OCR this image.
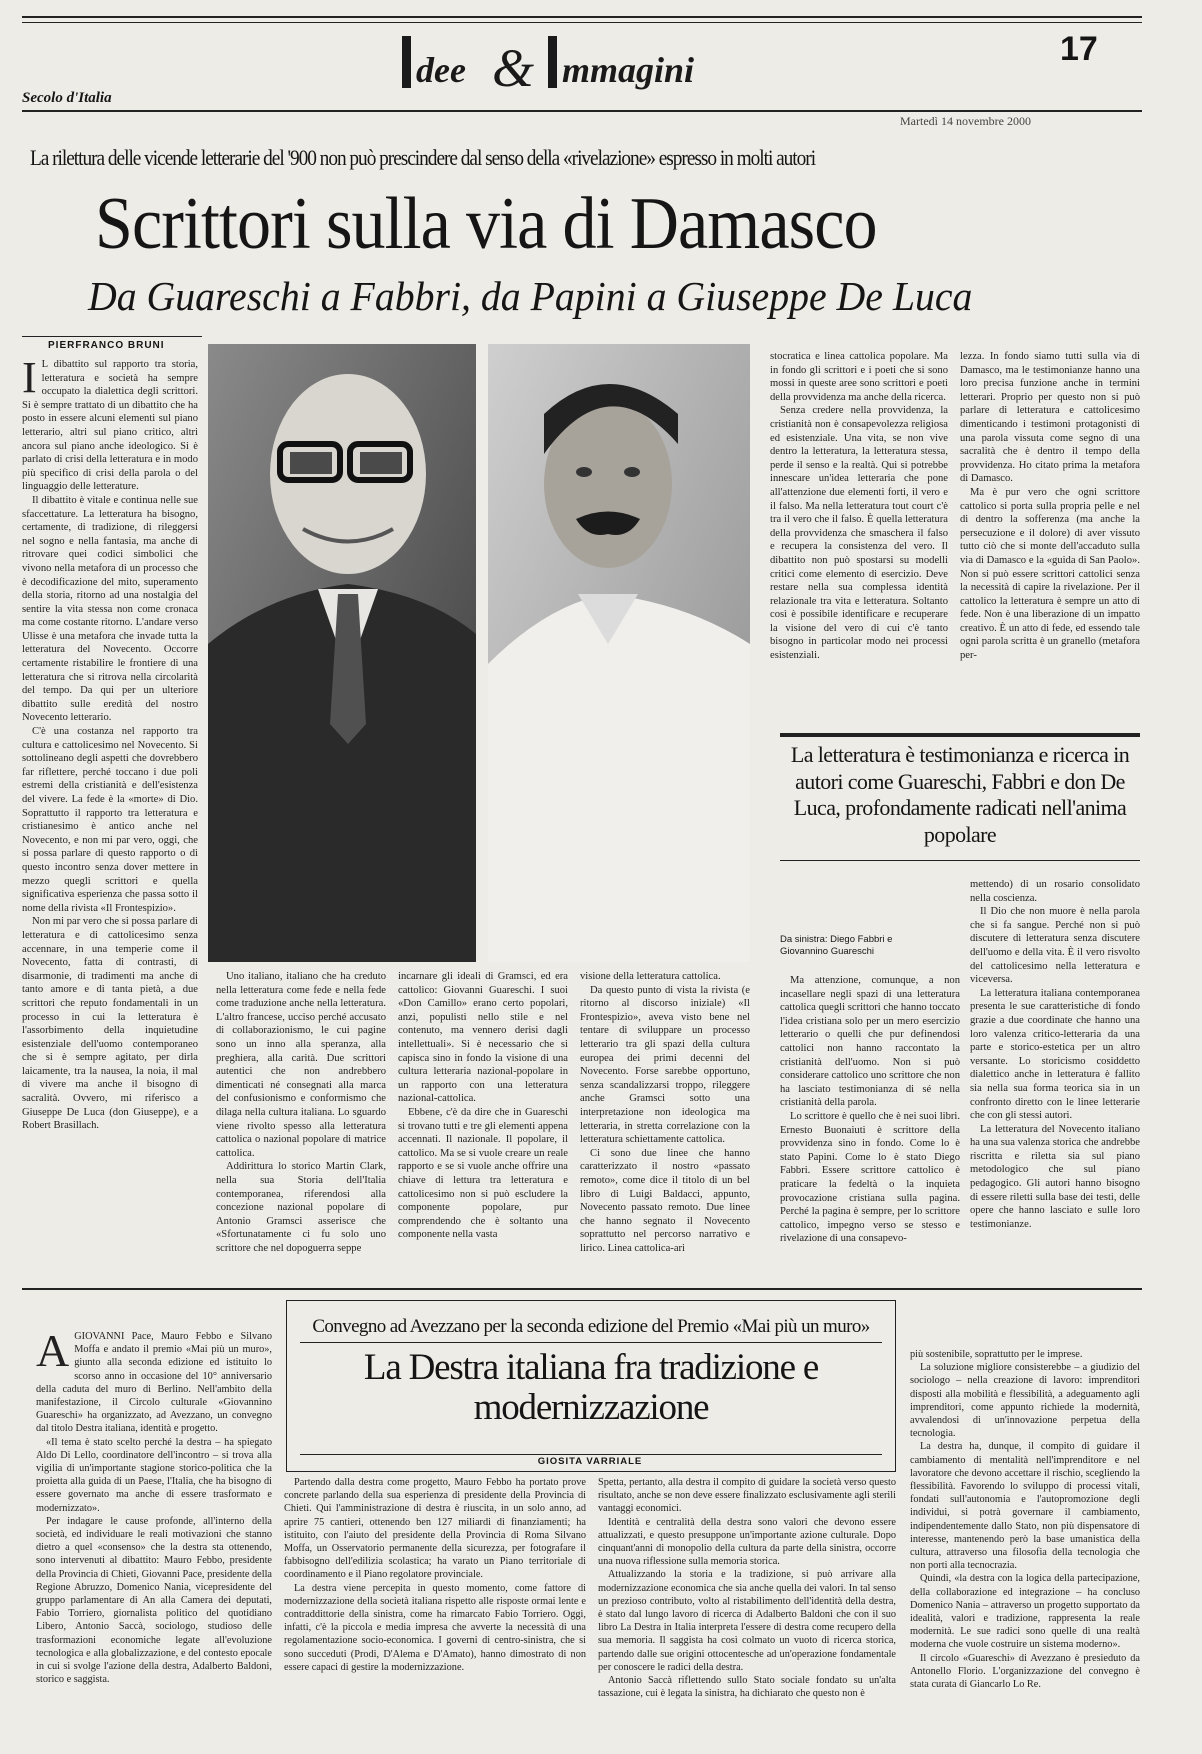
dee & mmagini
17
Secolo d'Italia
Martedì 14 novembre 2000
La rilettura delle vicende letterarie del '900 non può prescindere dal senso della «rivelazione» espresso in molti autori
Scrittori sulla via di Damasco
Da Guareschi a Fabbri, da Papini a Giuseppe De Luca
PIERFRANCO BRUNI
Da sinistra: Diego Fabbri e Giovannino Guareschi
La letteratura è testimonianza e ricerca in autori come Guareschi, Fabbri e don De Luca, profondamente radicati nell'anima popolare
I L dibattito sul rapporto tra storia, letteratura e società ha sempre occupato la dialettica degli scrittori. Si è sempre trattato di un dibattito che ha posto in essere alcuni elementi sul piano letterario, altri sul piano critico, altri ancora sul piano anche ideologico. Si è parlato di crisi della letteratura e in modo più specifico di crisi della parola o del linguaggio delle letterature.

Il dibattito è vitale e continua nelle sue sfaccettature. La letteratura ha bisogno, certamente, di tradizione, di rileggersi nel sogno e nella fantasia, ma anche di ritrovare quei codici simbolici che vivono nella metafora di un processo che è decodificazione del mito, superamento della storia, ritorno ad una nostalgia del sentire la vita stessa non come cronaca ma come costante ritorno. L'andare verso Ulisse è una metafora che invade tutta la letteratura del Novecento. Occorre certamente ristabilire le frontiere di una letteratura che si ritrova nella circolarità del tempo. Da qui per un ulteriore dibattito sulle eredità del nostro Novecento letterario.

C'è una costanza nel rapporto tra cultura e cattolicesimo nel Novecento. Si sottolineano degli aspetti che dovrebbero far riflettere, perché toccano i due poli estremi della cristianità e dell'esistenza del vivere. La fede è la «morte» di Dio. Soprattutto il rapporto tra letteratura e cristianesimo è antico anche nel Novecento, e non mi par vero, oggi, che si possa parlare di questo rapporto o di questo incontro senza dover mettere in mezzo quegli scrittori e quella significativa esperienza che passa sotto il nome della rivista «Il Frontespizio».

Non mi par vero che si possa parlare di letteratura e di cattolicesimo senza accennare, in una temperie come il Novecento, fatta di contrasti, di disarmonie, di tradimenti ma anche di tanto amore e di tanta pietà, a due scrittori che reputo fondamentali in un processo in cui la letteratura è l'assorbimento della inquietudine esistenziale dell'uomo contemporaneo che si è sempre agitato, per dirla laicamente, tra la nausea, la noia, il mal di vivere ma anche il bisogno di sacralità. Ovvero, mi riferisco a Giuseppe De Luca (don Giuseppe), e a Robert Brasillach.

Uno italiano, italiano che ha creduto nella letteratura come fede e nella fede come traduzione anche nella letteratura. L'altro francese, ucciso perché accusato di collaborazionismo, le cui pagine sono un inno alla speranza, alla preghiera, alla carità. Due scrittori autentici che non andrebbero dimenticati né consegnati alla marca del confusionismo e conformismo che dilaga nella cultura italiana. Lo sguardo viene rivolto spesso alla letteratura cattolica o nazional popolare di matrice cattolica.

Addirittura lo storico Martin Clark, nella sua Storia dell'Italia contemporanea, riferendosi alla concezione nazional popolare di Antonio Gramsci asserisce che «Sfortunatamente ci fu solo uno scrittore che nel dopoguerra seppe

incarnare gli ideali di Gramsci, ed era cattolico: Giovanni Guareschi. I suoi «Don Camillo» erano certo popolari, anzi, populisti nello stile e nel contenuto, ma vennero derisi dagli intellettuali». Si è necessario che si capisca sino in fondo la visione di una cultura letteraria nazional-popolare in un rapporto con una letteratura nazional-cattolica.

Ebbene, c'è da dire che in Guareschi si trovano tutti e tre gli elementi appena accennati. Il nazionale. Il popolare, il cattolico. Ma se si vuole creare un reale rapporto e se si vuole anche offrire una chiave di lettura tra letteratura e cattolicesimo non si può escludere la componente popolare, pur comprendendo che è soltanto una componente nella vasta

visione della letteratura cattolica.

Da questo punto di vista la rivista (e ritorno al discorso iniziale) «Il Frontespizio», aveva visto bene nel tentare di sviluppare un processo letterario tra gli spazi della cultura europea dei primi decenni del Novecento. Forse sarebbe opportuno, senza scandalizzarsi troppo, rileggere anche Gramsci sotto una interpretazione non ideologica ma letteraria, in stretta correlazione con la letteratura schiettamente cattolica.

Ci sono due linee che hanno caratterizzato il nostro «passato remoto», come dice il titolo di un bel libro di Luigi Baldacci, appunto, Novecento passato remoto. Due linee che hanno segnato il Novecento soprattutto nel percorso narrativo e lirico. Linea cattolica-ari

stocratica e linea cattolica popolare. Ma in fondo gli scrittori e i poeti che si sono mossi in queste aree sono scrittori e poeti della provvidenza ma anche della ricerca.

Senza credere nella provvidenza, la cristianità non è consapevolezza religiosa ed esistenziale. Una vita, se non vive dentro la letteratura, la letteratura stessa, perde il senso e la realtà. Qui si potrebbe innescare un'idea letteraria che pone all'attenzione due elementi forti, il vero e il falso. Ma nella letteratura tout court c'è tra il vero che il falso. È quella letteratura della provvidenza che smaschera il falso e recupera la consistenza del vero. Il dibattito non può spostarsi su modelli critici come elemento di esercizio. Deve restare nella sua complessa identità relazionale tra vita e letteratura. Soltanto così è possibile identificare e recuperare la visione del vero di cui c'è tanto bisogno in particolar modo nei processi esistenziali.

lezza. In fondo siamo tutti sulla via di Damasco, ma le testimonianze hanno una loro precisa funzione anche in termini letterari. Proprio per questo non si può parlare di letteratura e cattolicesimo dimenticando i testimoni protagonisti di una parola vissuta come segno di una sacralità che è dentro il tempo della provvidenza. Ho citato prima la metafora di Damasco.

Ma è pur vero che ogni scrittore cattolico si porta sulla propria pelle e nel di dentro la sofferenza (ma anche la persecuzione e il dolore) di aver vissuto tutto ciò che si monte dell'accaduto sulla via di Damasco e la «guida di San Paolo». Non si può essere scrittori cattolici senza la necessità di capire la rivelazione. Per il cattolico la letteratura è sempre un atto di fede. Non è una liberazione di un impatto creativo. È un atto di fede, ed essendo tale ogni parola scritta è un granello (metafora per-

Ma attenzione, comunque, a non incasellare negli spazi di una letteratura cattolica quegli scrittori che hanno toccato l'idea cristiana solo per un mero esercizio letterario o quelli che pur definendosi cattolici non hanno raccontato la cristianità dell'uomo. Non si può considerare cattolico uno scrittore che non ha lasciato testimonianza di sé nella cristianità della parola.

Lo scrittore è quello che è nei suoi libri. Ernesto Buonaiuti è scrittore della provvidenza sino in fondo. Come lo è stato Papini. Come lo è stato Diego Fabbri. Essere scrittore cattolico è praticare la fedeltà o la inquieta provocazione cristiana sulla pagina. Perché la pagina è sempre, per lo scrittore cattolico, impegno verso se stesso e rivelazione di una consapevo-

mettendo) di un rosario consolidato nella coscienza.

Il Dio che non muore è nella parola che si fa sangue. Perché non si può discutere di letteratura senza discutere dell'uomo e della vita. È il vero risvolto del cattolicesimo nella letteratura e viceversa.

La letteratura italiana contemporanea presenta le sue caratteristiche di fondo grazie a due coordinate che hanno una loro valenza critico-letteraria da una parte e storico-estetica per un altro versante. Lo storicismo cosiddetto dialettico anche in letteratura è fallito sia nella sua forma teorica sia in un confronto diretto con le linee letterarie che con gli stessi autori.

La letteratura del Novecento italiano ha una sua valenza storica che andrebbe riscritta e riletta sia sul piano metodologico che sul piano pedagogico. Gli autori hanno bisogno di essere riletti sulla base dei testi, delle opere che hanno lasciato e sulle loro testimonianze.

Convegno ad Avezzano per la seconda edizione del Premio «Mai più un muro»
La Destra italiana fra tradizione e modernizzazione
GIOSITA VARRIALE
A GIOVANNI Pace, Mauro Febbo e Silvano Moffa e andato il premio «Mai più un muro», giunto alla seconda edizione ed istituito lo scorso anno in occasione del 10° anniversario della caduta del muro di Berlino. Nell'ambito della manifestazione, il Circolo culturale «Giovannino Guareschi» ha organizzato, ad Avezzano, un convegno dal titolo Destra italiana, identità e progetto.

«Il tema è stato scelto perché la destra – ha spiegato Aldo Di Lello, coordinatore dell'incontro – si trova alla vigilia di un'importante stagione storico-politica che la proietta alla guida di un Paese, l'Italia, che ha bisogno di essere governato ma anche di essere trasformato e modernizzato».

Per indagare le cause profonde, all'interno della società, ed individuare le reali motivazioni che stanno dietro a quel «consenso» che la destra sta ottenendo, sono intervenuti al dibattito: Mauro Febbo, presidente della Provincia di Chieti, Giovanni Pace, presidente della Regione Abruzzo, Domenico Nania, vicepresidente del gruppo parlamentare di An alla Camera dei deputati, Fabio Torriero, giornalista politico del quotidiano Libero, Antonio Saccà, sociologo, studioso delle trasformazioni economiche legate all'evoluzione tecnologica e alla globalizzazione, e del contesto epocale in cui si svolge l'azione della destra, Adalberto Baldoni, storico e saggista.

Partendo dalla destra come progetto, Mauro Febbo ha portato prove concrete parlando della sua esperienza di presidente della Provincia di Chieti. Qui l'amministrazione di destra è riuscita, in un solo anno, ad aprire 75 cantieri, ottenendo ben 127 miliardi di finanziamenti; ha istituito, con l'aiuto del presidente della Provincia di Roma Silvano Moffa, un Osservatorio permanente della sicurezza, per fotografare il fabbisogno dell'edilizia scolastica; ha varato un Piano territoriale di coordinamento e il Piano regolatore provinciale.

La destra viene percepita in questo momento, come fattore di modernizzazione della società italiana rispetto alle risposte ormai lente e contraddittorie della sinistra, come ha rimarcato Fabio Torriero. Oggi, infatti, c'è la piccola e media impresa che avverte la necessità di una regolamentazione socio-economica. I governi di centro-sinistra, che si sono succeduti (Prodi, D'Alema e D'Amato), hanno dimostrato di non essere capaci di gestire la modernizzazione.

Spetta, pertanto, alla destra il compito di guidare la società verso questo risultato, anche se non deve essere finalizzato esclusivamente agli sterili vantaggi economici.

Identità e centralità della destra sono valori che devono essere attualizzati, e questo presuppone un'importante azione culturale. Dopo cinquant'anni di monopolio della cultura da parte della sinistra, occorre una nuova riflessione sulla memoria storica.

Attualizzando la storia e la tradizione, si può arrivare alla modernizzazione economica che sia anche quella dei valori. In tal senso un prezioso contributo, volto al ristabilimento dell'identità della destra, è stato dal lungo lavoro di ricerca di Adalberto Baldoni che con il suo libro La Destra in Italia interpreta l'essere di destra come recupero della sua memoria. Il saggista ha così colmato un vuoto di ricerca storica, partendo dalle sue origini ottocentesche ad un'operazione fondamentale per conoscere le radici della destra.

Antonio Saccà riflettendo sullo Stato sociale fondato su un'alta tassazione, cui è legata la sinistra, ha dichiarato che questo non è

più sostenibile, soprattutto per le imprese.

La soluzione migliore consisterebbe – a giudizio del sociologo – nella creazione di lavoro: imprenditori disposti alla mobilità e flessibilità, a adeguamento agli imprenditori, come appunto richiede la modernità, avvalendosi di un'innovazione perpetua della tecnologia.

La destra ha, dunque, il compito di guidare il cambiamento di mentalità nell'imprenditore e nel lavoratore che devono accettare il rischio, scegliendo la flessibilità. Favorendo lo sviluppo di processi vitali, fondati sull'autonomia e l'autopromozione degli individui, si potrà governare il cambiamento, indipendentemente dallo Stato, non più dispensatore di interesse, mantenendo però la base umanistica della cultura, attraverso una filosofia della tecnologia che non porti alla tecnocrazia.

Quindi, «la destra con la logica della partecipazione, della collaborazione ed integrazione – ha concluso Domenico Nania – attraverso un progetto supportato da idealità, valori e tradizione, rappresenta la reale modernità. Le sue radici sono quelle di una realtà moderna che vuole costruire un sistema moderno».

Il circolo «Guareschi» di Avezzano è presieduto da Antonello Florio. L'organizzazione del convegno è stata curata di Giancarlo Lo Re.
